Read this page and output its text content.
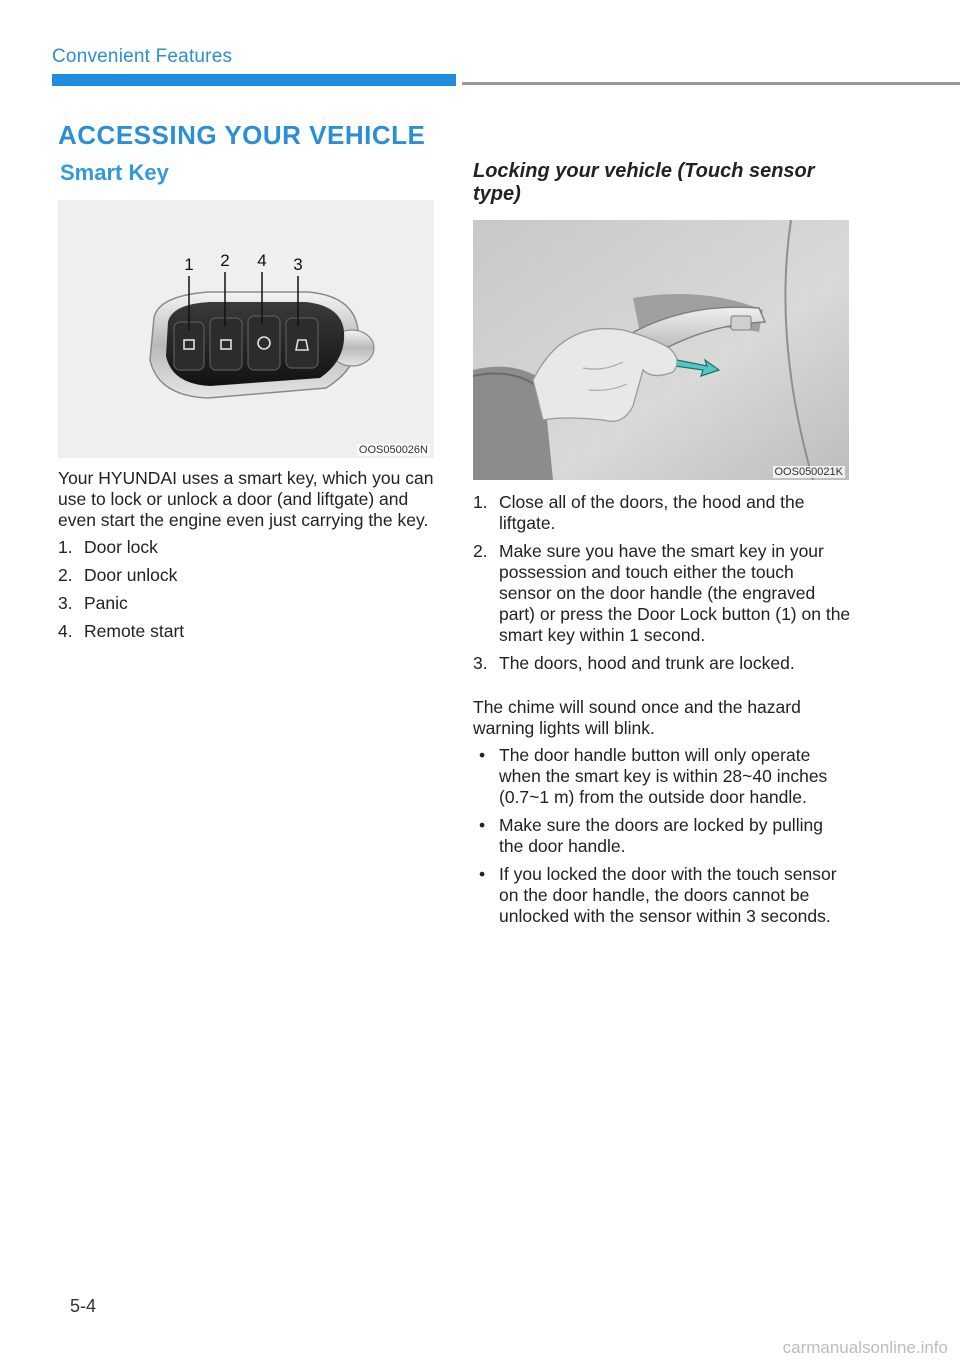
Convenient Features
ACCESSING YOUR VEHICLE
Smart Key
1 2 4 3
OOS050026N

Your HYUNDAI uses a smart key, which you can use to lock or unlock a door (and liftgate) and even start the engine even just carrying the key.

1. Door lock
2. Door unlock
3. Panic
4. Remote start
Locking your vehicle (Touch sensor type)
OOS050021K
1. Close all of the doors, the hood and the liftgate.
2. Make sure you have the smart key in your possession and touch either the touch sensor on the door handle (the engraved part) or press the Door Lock button (1) on the smart key within 1 second.
3. The doors, hood and trunk are locked.

The chime will sound once and the hazard warning lights will blink.

• The door handle button will only operate when the smart key is within 28~40 inches (0.7~1 m) from the outside door handle.
• Make sure the doors are locked by pulling the door handle.
• If you locked the door with the touch sensor on the door handle, the doors cannot be unlocked with the sensor within 3 seconds.
5-4
carmanualsonline.info
